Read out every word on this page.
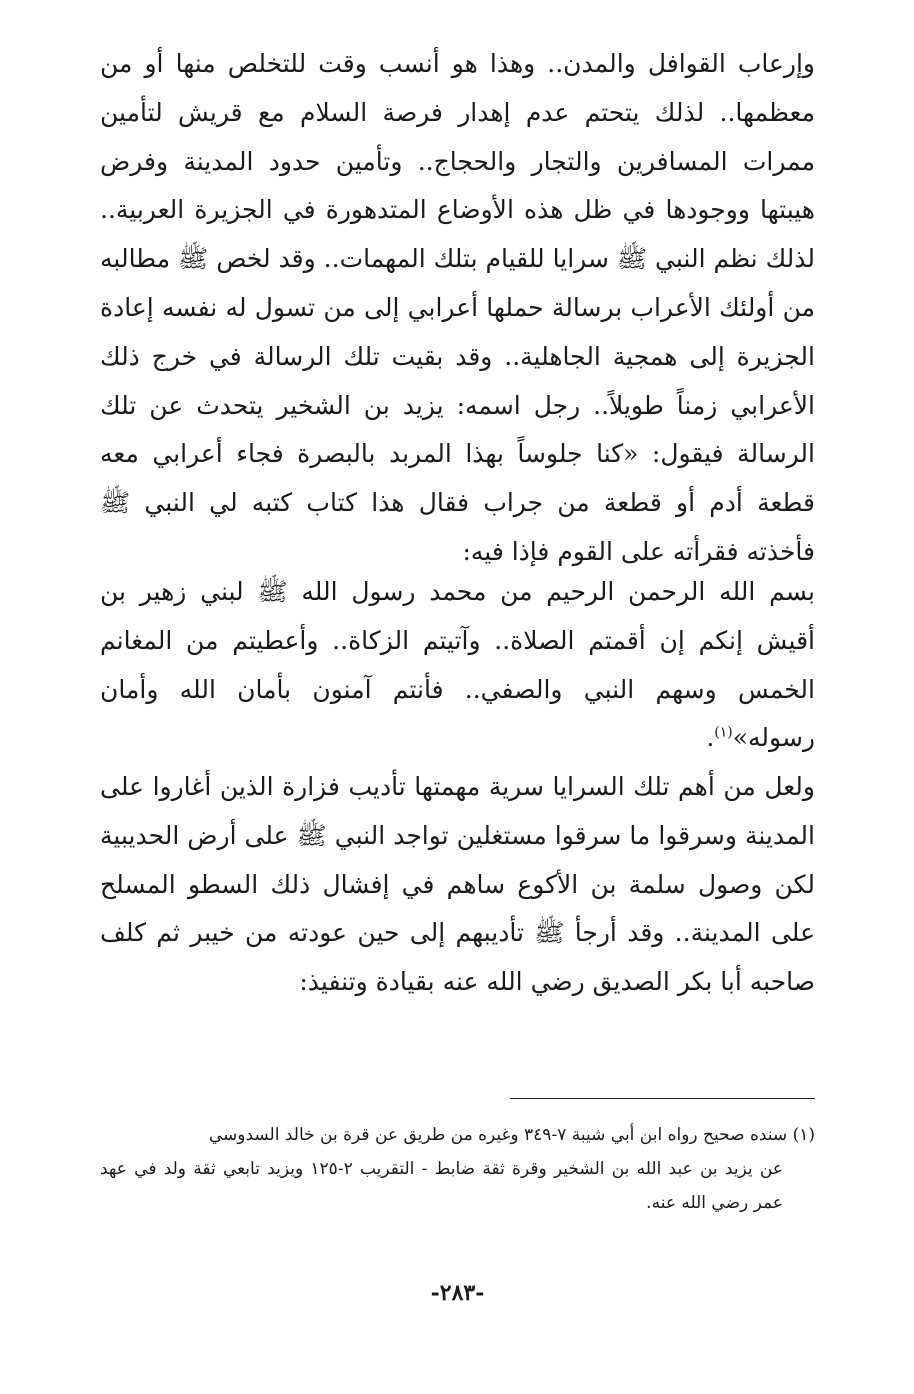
وإرعاب القوافل والمدن.. وهذا هو أنسب وقت للتخلص منها أو من معظمها.. لذلك يتحتم عدم إهدار فرصة السلام مع قريش لتأمين ممرات المسافرين والتجار والحجاج.. وتأمين حدود المدينة وفرض هيبتها ووجودها في ظل هذه الأوضاع المتدهورة في الجزيرة العربية.. لذلك نظم النبي ﷺ سرايا للقيام بتلك المهمات.. وقد لخص ﷺ مطالبه من أولئك الأعراب برسالة حملها أعرابي إلى من تسول له نفسه إعادة الجزيرة إلى همجية الجاهلية.. وقد بقيت تلك الرسالة في خرج ذلك الأعرابي زمناً طويلاً.. رجل اسمه: يزيد بن الشخير يتحدث عن تلك الرسالة فيقول: «كنا جلوساً بهذا المربد بالبصرة فجاء أعرابي معه قطعة أدم أو قطعة من جراب فقال هذا كتاب كتبه لي النبي ﷺ فأخذته فقرأته على القوم فإذا فيه:

بسم الله الرحمن الرحيم من محمد رسول الله ﷺ لبني زهير بن أقيش إنكم إن أقمتم الصلاة.. وآتيتم الزكاة.. وأعطيتم من المغانم الخمس وسهم النبي والصفي.. فأنتم آمنون بأمان الله وأمان رسوله»$^{(١)}$.

ولعل من أهم تلك السرايا سرية مهمتها تأديب فزارة الذين أغاروا على المدينة وسرقوا ما سرقوا مستغلين تواجد النبي ﷺ على أرض الحديبية لكن وصول سلمة بن الأكوع ساهم في إفشال ذلك السطو المسلح على المدينة.. وقد أرجأ ﷺ تأديبهم إلى حين عودته من خيبر ثم كلف صاحبه أبا بكر الصديق رضي الله عنه بقيادة وتنفيذ:

(١) سنده صحيح رواه ابن أبي شيبة ٧-٣٤٩ وغيره من طريق عن قرة بن خالد السدوسي
عن يزيد بن عبد الله بن الشخير وقرة ثقة ضابط - التقريب ٢-١٢٥ ويزيد تابعي ثقة ولد في عهد عمر رضي الله عنه.

-٢٨٣-
